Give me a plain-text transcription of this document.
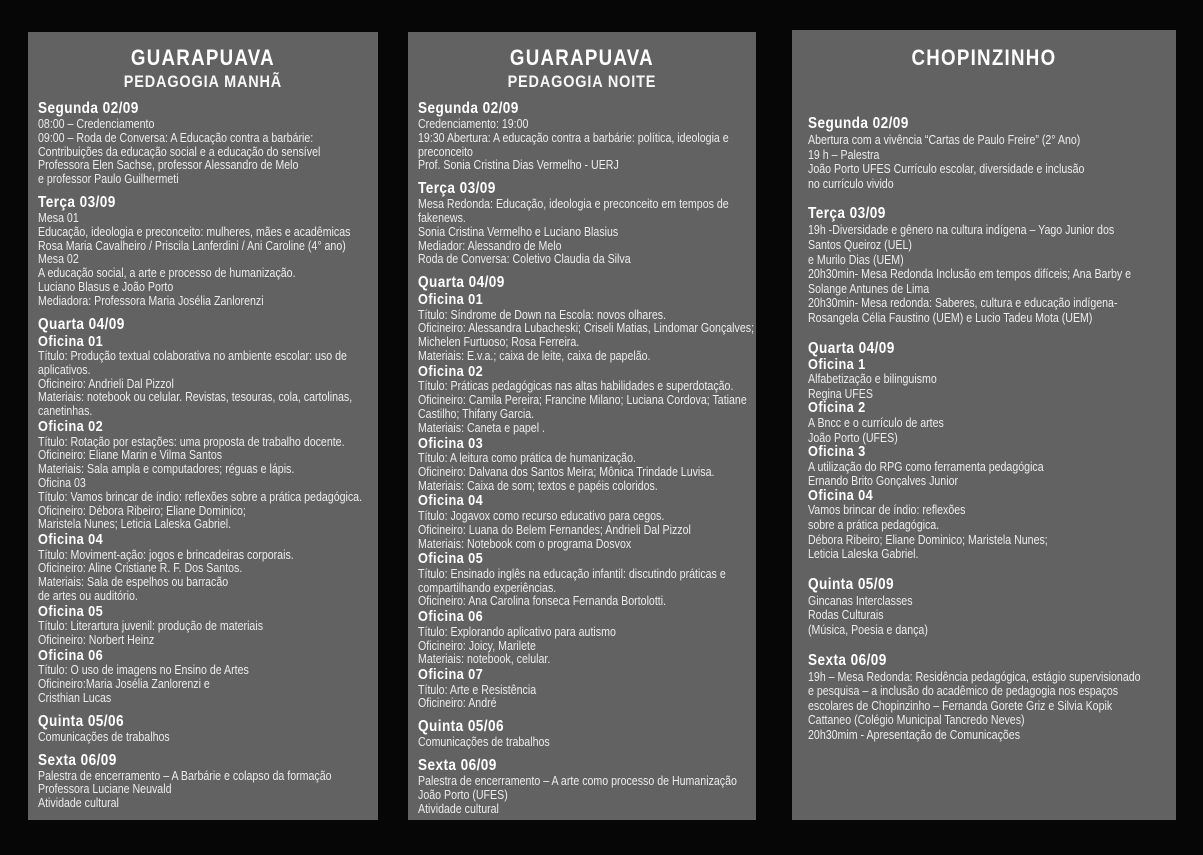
GUARAPUAVA
PEDAGOGIA MANHÃ
Segunda 02/09
08:00 – Credenciamento
09:00 – Roda de Conversa: A Educação contra a barbárie:
Contribuições da educação social e a educação do sensível
Professora Elen Sachse, professor Alessandro de Melo
e professor Paulo Guilhermeti
Terça 03/09
Mesa 01
Educação, ideologia e preconceito: mulheres, mães e acadêmicas
Rosa Maria Cavalheiro / Priscila Lanferdini / Ani Caroline (4° ano)
Mesa 02
A educação social, a arte e processo de humanização.
Luciano Blasus e João Porto
Mediadora: Professora Maria Josélia Zanlorenzi
Quarta 04/09
Oficina 01
Título: Produção textual colaborativa no ambiente escolar: uso de
aplicativos.
Oficineiro: Andrieli Dal Pizzol
Materiais: notebook ou celular. Revistas, tesouras, cola, cartolinas,
canetinhas.
Oficina 02
Título: Rotação por estações: uma proposta de trabalho docente.
Oficineiro: Eliane Marin e Vilma Santos
Materiais: Sala ampla e computadores; réguas e lápis.
Oficina 03
Título: Vamos brincar de índio: reflexões sobre a prática pedagógica.
Oficineiro: Débora Ribeiro; Eliane Dominico;
Maristela Nunes; Leticia Laleska Gabriel.
Oficina 04
Título: Moviment-ação: jogos e brincadeiras corporais.
Oficineiro: Aline Cristiane R. F. Dos Santos.
Materiais: Sala de espelhos ou barracão
de artes ou auditório.
Oficina 05
Título: Literartura juvenil: produção de materiais
Oficineiro: Norbert Heinz
Oficina 06
Título: O uso de imagens no Ensino de Artes
Oficineiro:Maria Josélia Zanlorenzi e
Cristhian Lucas
Quinta 05/06
Comunicações de trabalhos
Sexta 06/09
Palestra de encerramento – A Barbárie e colapso da formação
Professora Luciane Neuvald
Atividade cultural
GUARAPUAVA
PEDAGOGIA NOITE
Segunda 02/09
Credenciamento: 19:00
19:30 Abertura: A educação contra a barbárie: política, ideologia e
preconceito
Prof. Sonia Cristina Dias Vermelho - UERJ
Terça 03/09
Mesa Redonda: Educação, ideologia e preconceito em tempos de
fakenews.
Sonia Cristina Vermelho e Luciano Blasius
Mediador: Alessandro de Melo
Roda de Conversa: Coletivo Claudia da Silva
Quarta 04/09
Oficina 01
Título: Síndrome de Down na Escola: novos olhares.
Oficineiro: Alessandra Lubacheski; Criseli Matias, Lindomar Gonçalves;
Michelen Furtuoso; Rosa Ferreira.
Materiais: E.v.a.; caixa de leite, caixa de papelão.
Oficina 02
Título: Práticas pedagógicas nas altas habilidades e superdotação.
Oficineiro: Camila Pereira; Francine Milano; Luciana Cordova; Tatiane
Castilho; Thifany Garcia.
Materiais: Caneta e papel .
Oficina 03
Título: A leitura como prática de humanização.
Oficineiro: Dalvana dos Santos Meira; Mônica Trindade Luvisa.
Materiais: Caixa de som; textos e papéis coloridos.
Oficina 04
Título: Jogavox como recurso educativo para cegos.
Oficineiro: Luana do Belem Fernandes; Andrieli Dal Pizzol
Materiais: Notebook com o programa Dosvox
Oficina 05
Título: Ensinado inglês na educação infantil: discutindo práticas e
compartilhando experiências.
Oficineiro: Ana Carolina fonseca Fernanda Bortolotti.
Oficina 06
Título: Explorando aplicativo para autismo
Oficineiro: Joicy, Marilete
Materiais: notebook, celular.
Oficina 07
Título: Arte e Resistência
Oficineiro: André
Quinta 05/06
Comunicações de trabalhos
Sexta 06/09
Palestra de encerramento – A arte como processo de Humanização
João Porto (UFES)
Atividade cultural
CHOPINZINHO
Segunda 02/09
Abertura com a vivência “Cartas de Paulo Freire” (2° Ano)
19 h – Palestra
João Porto UFES Currículo escolar, diversidade e inclusão
no currículo vivido
Terça 03/09
19h -Diversidade e gênero na cultura indígena – Yago Junior dos
Santos Queiroz (UEL)
e Murilo Dias (UEM)
20h30min- Mesa Redonda Inclusão em tempos difíceis; Ana Barby e
Solange Antunes de Lima
20h30min- Mesa redonda: Saberes, cultura e educação indígena-
Rosangela Célia Faustino (UEM) e Lucio Tadeu Mota (UEM)
Quarta 04/09
Oficina 1
Alfabetização e bilinguismo
Regina UFES
Oficina 2
A Bncc e o currículo de artes
João Porto (UFES)
Oficina 3
A utilização do RPG como ferramenta pedagógica
Ernando Brito Gonçalves Junior
Oficina 04
Vamos brincar de índio: reflexões
sobre a prática pedagógica.
Débora Ribeiro; Eliane Dominico; Maristela Nunes;
Leticia Laleska Gabriel.
Quinta 05/09
Gincanas Interclasses
Rodas Culturais
(Música, Poesia e dança)
Sexta 06/09
19h – Mesa Redonda: Residência pedagógica, estágio supervisionado
e pesquisa – a inclusão do acadêmico de pedagogia nos espaços
escolares de Chopinzinho – Fernanda Gorete Griz e Silvia Kopik
Cattaneo (Colégio Municipal Tancredo Neves)
20h30mim - Apresentação de Comunicações
